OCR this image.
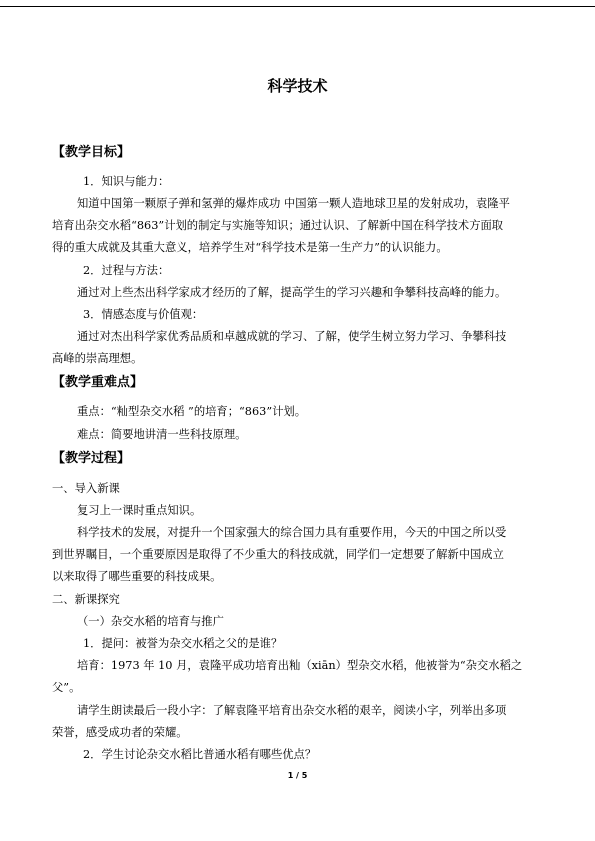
科学技术
【教学目标】
1．知识与能力：
知道中国第一颗原子弹和氢弹的爆炸成功 中国第一颗人造地球卫星的发射成功，袁隆平
培育出杂交水稻“863”计划的制定与实施等知识；通过认识、了解新中国在科学技术方面取
得的重大成就及其重大意义，培养学生对“科学技术是第一生产力”的认识能力。
2．过程与方法：
通过对上些杰出科学家成才经历的了解，提高学生的学习兴趣和争攀科技高峰的能力。
3．情感态度与价值观：
通过对杰出科学家优秀品质和卓越成就的学习、了解，使学生树立努力学习、争攀科技
高峰的崇高理想。
【教学重难点】
重点：“籼型杂交水稻 ”的培育；“863”计划。
难点：简要地讲清一些科技原理。
【教学过程】
一、导入新课
复习上一课时重点知识。
科学技术的发展，对提升一个国家强大的综合国力具有重要作用，今天的中国之所以受
到世界瞩目，一个重要原因是取得了不少重大的科技成就，同学们一定想要了解新中国成立
以来取得了哪些重要的科技成果。
二、新课探究
（一）杂交水稻的培育与推广
1．提问：被誉为杂交水稻之父的是谁？
培育：1973 年 10 月，袁隆平成功培育出籼（xiān）型杂交水稻，他被誉为“杂交水稻之
父”。
请学生朗读最后一段小字：了解袁隆平培育出杂交水稻的艰辛，阅读小字，列举出多项
荣誉，感受成功者的荣耀。
2．学生讨论杂交水稻比普通水稻有哪些优点？
1 / 5
